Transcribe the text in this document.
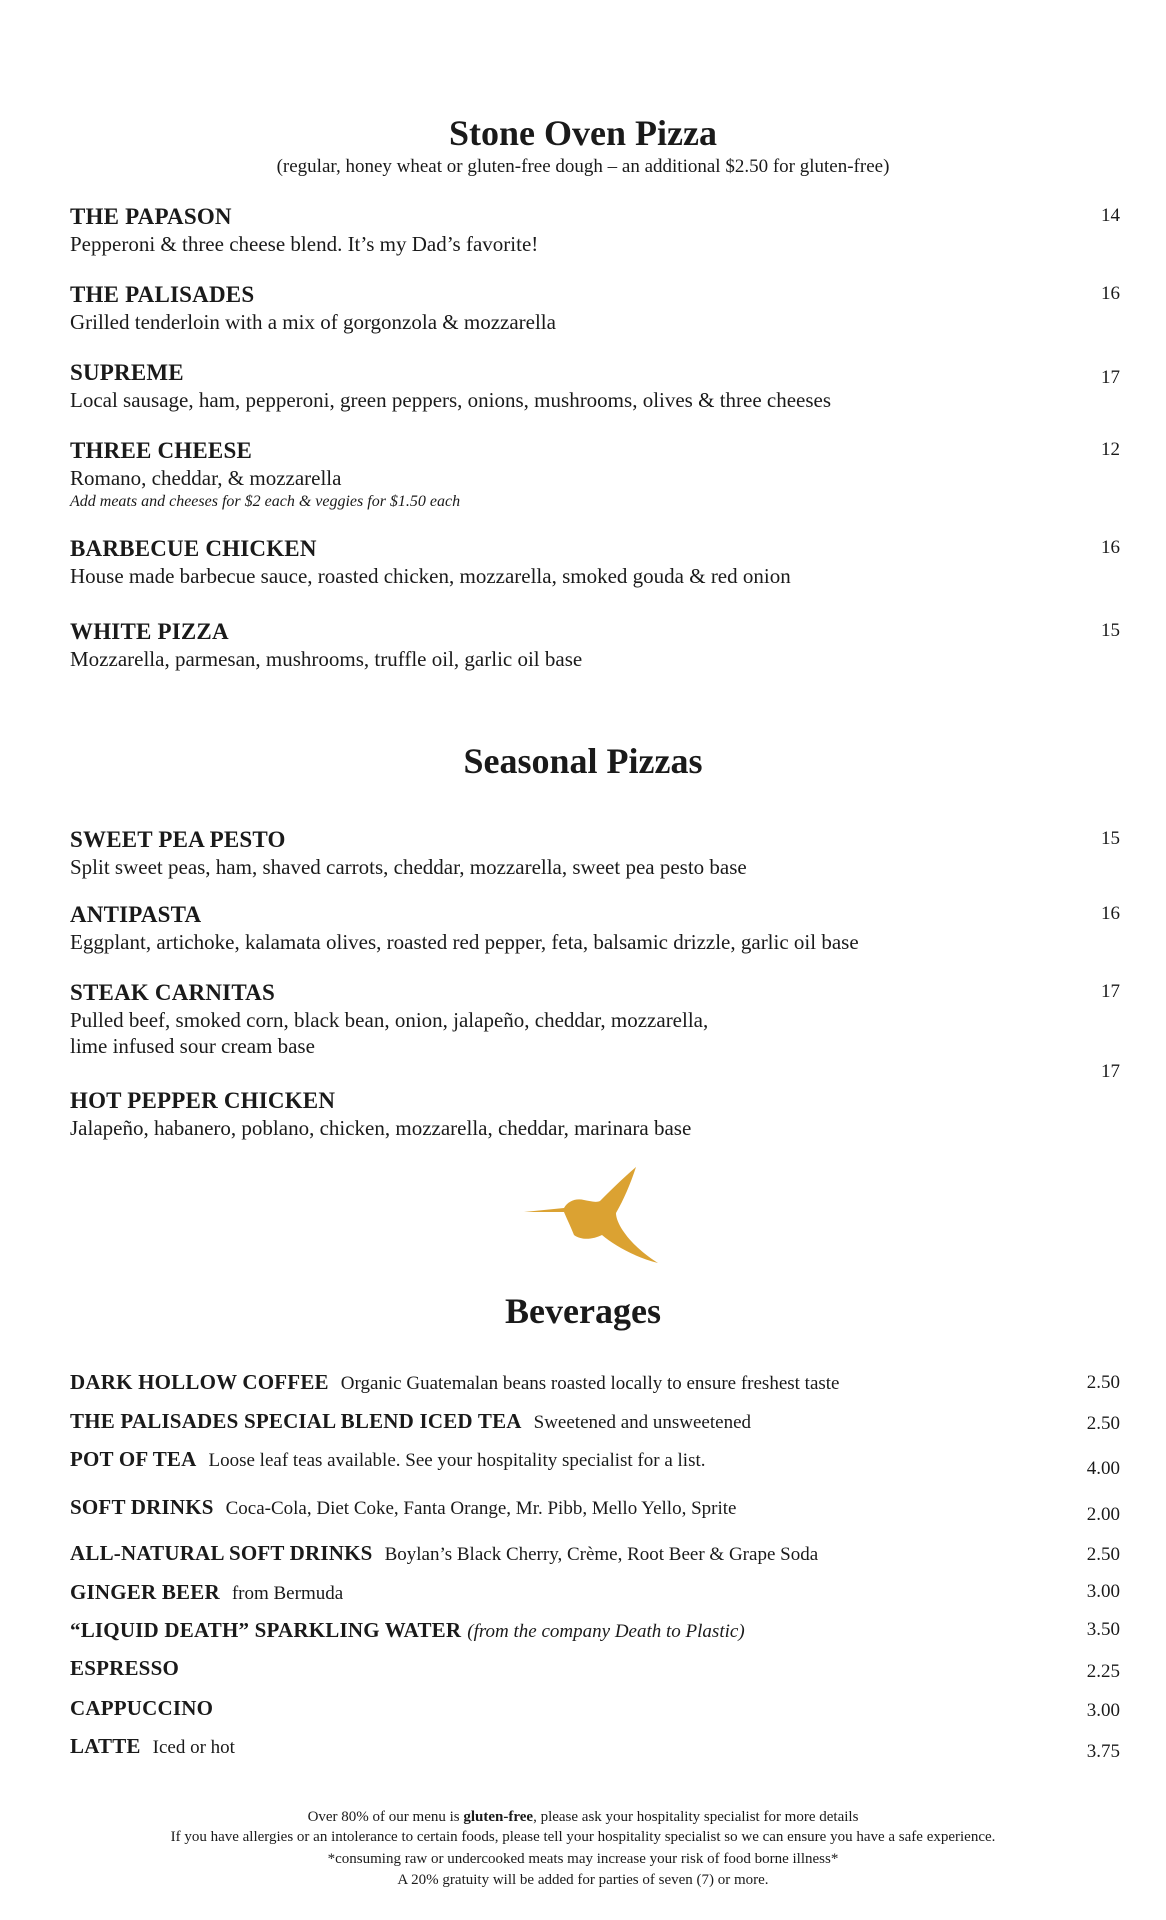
Stone Oven Pizza

(regular, honey wheat or gluten-free dough – an additional $2.50 for gluten-free)

THE PAPASON
Pepperoni & three cheese blend. It’s my Dad’s favorite!
14
THE PALISADES
Grilled tenderloin with a mix of gorgonzola & mozzarella
16
SUPREME
Local sausage, ham, pepperoni, green peppers, onions, mushrooms, olives & three cheeses
17
THREE CHEESE
Romano, cheddar, & mozzarella
Add meats and cheeses for $2 each & veggies for $1.50 each
12
BARBECUE CHICKEN
House made barbecue sauce, roasted chicken, mozzarella, smoked gouda & red onion
16
WHITE PIZZA
Mozzarella, parmesan, mushrooms, truffle oil, garlic oil base
15
Seasonal Pizzas
SWEET PEA PESTO
Split sweet peas, ham, shaved carrots, cheddar, mozzarella, sweet pea pesto base
15
ANTIPASTA
Eggplant, artichoke, kalamata olives, roasted red pepper, feta, balsamic drizzle, garlic oil base
16
STEAK CARNITAS
Pulled beef, smoked corn, black bean, onion, jalapeño, cheddar, mozzarella,
lime infused sour cream base
17
HOT PEPPER CHICKEN
Jalapeño, habanero, poblano, chicken, mozzarella, cheddar, marinara base
17
Beverages
DARK HOLLOW COFFEE Organic Guatemalan beans roasted locally to ensure freshest taste	2.50
THE PALISADES SPECIAL BLEND ICED TEA Sweetened and unsweetened	2.50
POT OF TEA Loose leaf teas available. See your hospitality specialist for a list.	4.00
SOFT DRINKS Coca-Cola, Diet Coke, Fanta Orange, Mr. Pibb, Mello Yello, Sprite	2.00
ALL-NATURAL SOFT DRINKS Boylan’s Black Cherry, Crème, Root Beer & Grape Soda	2.50
GINGER BEER from Bermuda	3.00
“LIQUID DEATH” SPARKLING WATER (from the company Death to Plastic)	3.50
ESPRESSO	2.25
CAPPUCCINO	3.00
LATTE Iced or hot	3.75
Over 80% of our menu is gluten-free, please ask your hospitality specialist for more details
If you have allergies or an intolerance to certain foods, please tell your hospitality specialist so we can ensure you have a safe experience.
*consuming raw or undercooked meats may increase your risk of food borne illness*
A 20% gratuity will be added for parties of seven (7) or more.
